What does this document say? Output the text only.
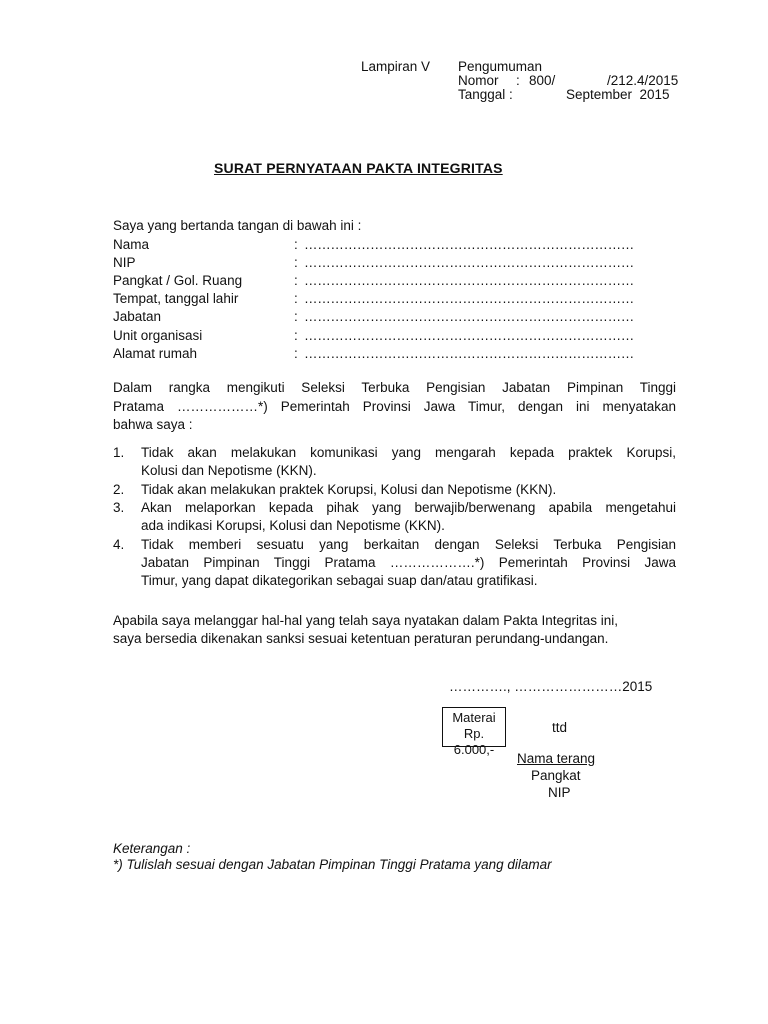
Lampiran V Pengumuman
Nomor : 800/	/212.4/2015
Tanggal :	September  2015
SURAT PERNYATAAN PAKTA INTEGRITAS
Saya yang bertanda tangan di bawah ini :
Nama	: …………………………………………………………………
NIP	: …………………………………………………………………
Pangkat / Gol. Ruang	: …………………………………………………………………
Tempat, tanggal lahir	: …………………………………………………………………
Jabatan	: …………………………………………………………………
Unit organisasi	: …………………………………………………………………
Alamat rumah	: …………………………………………………………………
Dalam rangka mengikuti Seleksi Terbuka Pengisian Jabatan Pimpinan Tinggi
Pratama ………………*) Pemerintah Provinsi Jawa Timur, dengan ini menyatakan
bahwa saya :
1. Tidak akan melakukan komunikasi yang mengarah kepada praktek Korupsi,
Kolusi dan Nepotisme (KKN).
2. Tidak akan melakukan praktek Korupsi, Kolusi dan Nepotisme (KKN).
3. Akan melaporkan kepada pihak yang berwajib/berwenang apabila mengetahui
ada indikasi Korupsi, Kolusi dan Nepotisme (KKN).
4. Tidak memberi sesuatu yang berkaitan dengan Seleksi Terbuka Pengisian
Jabatan Pimpinan Tinggi Pratama ……………….*) Pemerintah Provinsi Jawa
Timur, yang dapat dikategorikan sebagai suap dan/atau gratifikasi.
Apabila saya melanggar hal-hal yang telah saya nyatakan dalam Pakta Integritas ini,
saya bersedia dikenakan sanksi sesuai ketentuan peraturan perundang-undangan.
…………., ……………………2015
Materai
Rp. 6.000,-
ttd
Nama terang
Pangkat
NIP
Keterangan :
*) Tulislah sesuai dengan Jabatan Pimpinan Tinggi Pratama yang dilamar
